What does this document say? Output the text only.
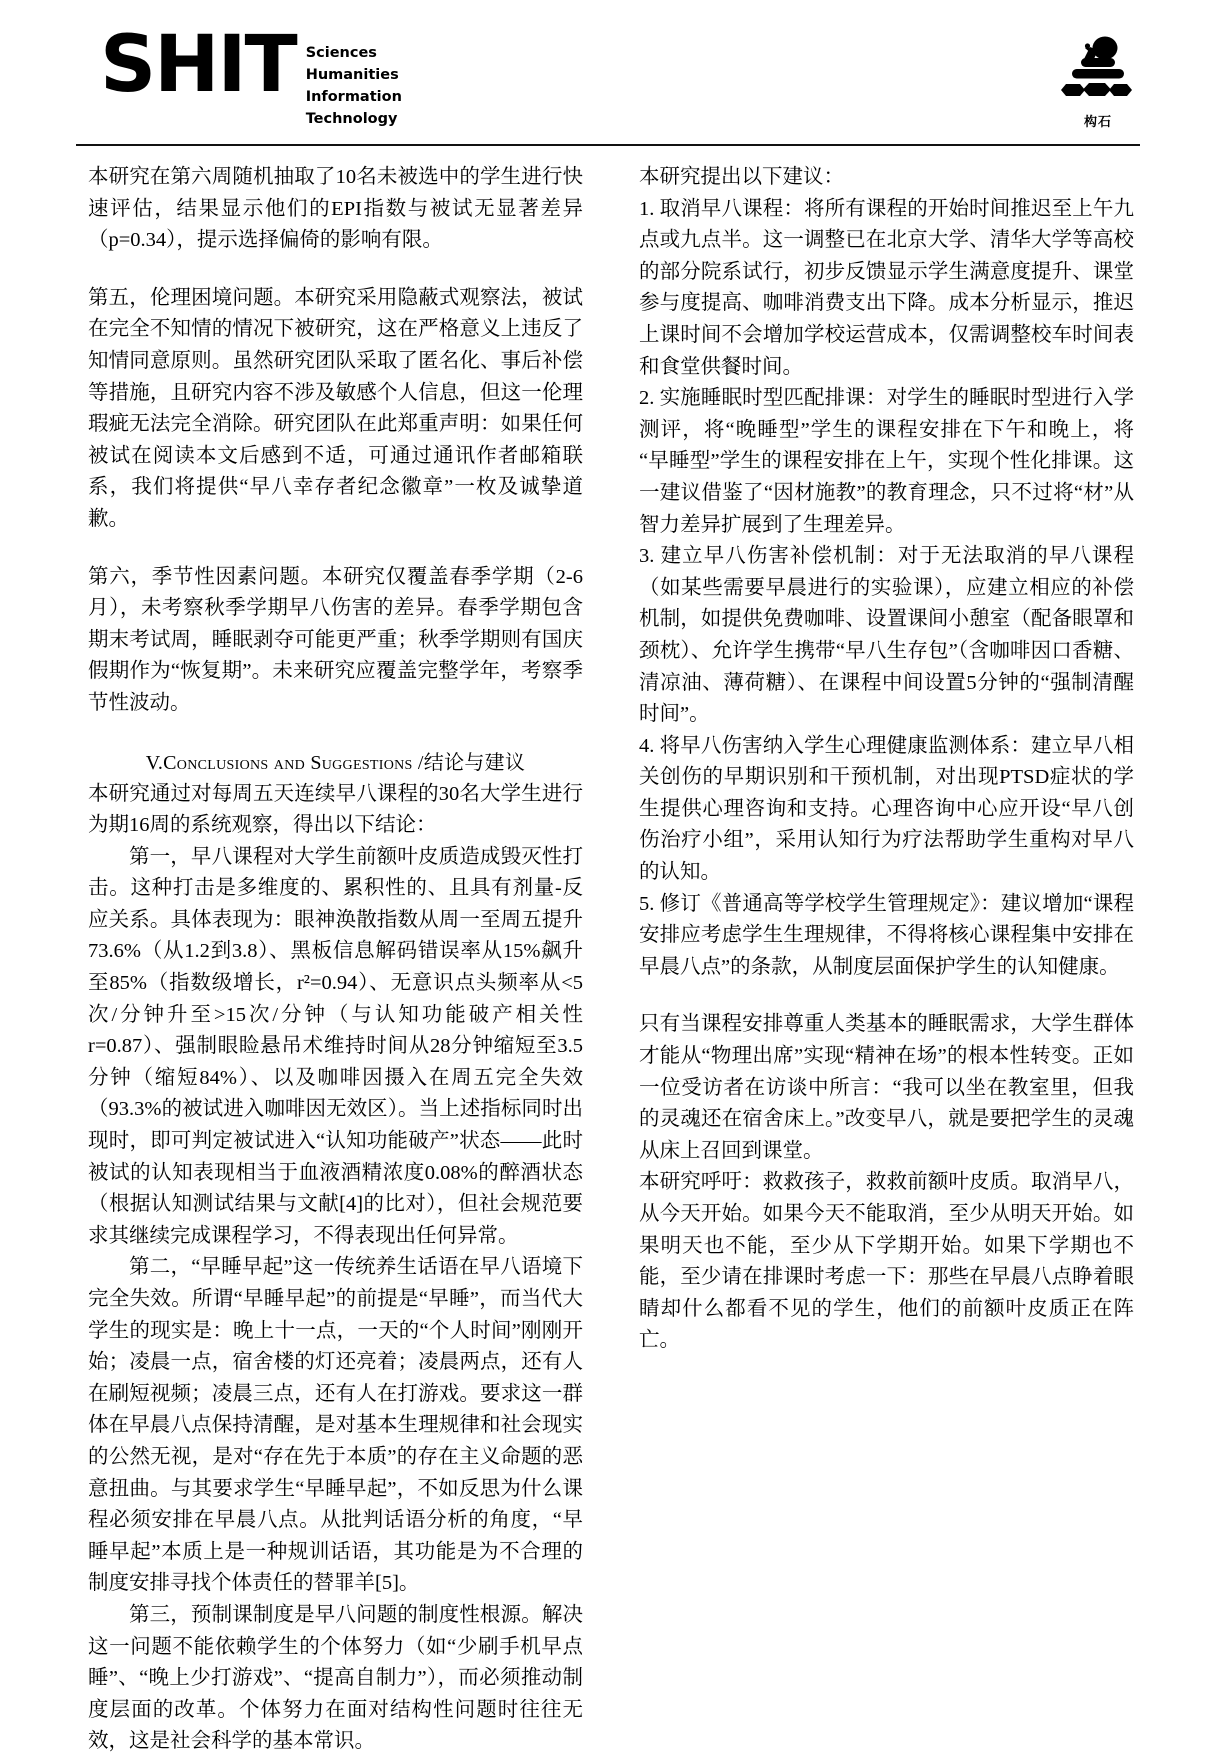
SHIT Sciences
Humanities
Information
Technology	构石

本研究在第六周随机抽取了10名未被选中的学生进行快速评估，结果显示他们的EPI指数与被试无显著差异（p=0.34），提示选择偏倚的影响有限。

第五，伦理困境问题。本研究采用隐蔽式观察法，被试在完全不知情的情况下被研究，这在严格意义上违反了知情同意原则。虽然研究团队采取了匿名化、事后补偿等措施，且研究内容不涉及敏感个人信息，但这一伦理瑕疵无法完全消除。研究团队在此郑重声明：如果任何被试在阅读本文后感到不适，可通过通讯作者邮箱联系，我们将提供“早八幸存者纪念徽章”一枚及诚挚道歉。

第六，季节性因素问题。本研究仅覆盖春季学期（2-6月），未考察秋季学期早八伤害的差异。春季学期包含期末考试周，睡眠剥夺可能更严重；秋季学期则有国庆假期作为“恢复期”。未来研究应覆盖完整学年，考察季节性波动。

V.Conclusions and Suggestions /结论与建议

本研究通过对每周五天连续早八课程的30名大学生进行为期16周的系统观察，得出以下结论：

第一，早八课程对大学生前额叶皮质造成毁灭性打击。这种打击是多维度的、累积性的、且具有剂量-反应关系。具体表现为：眼神涣散指数从周一至周五提升73.6%（从1.2到3.8）、黑板信息解码错误率从15%飙升至85%（指数级增长，r²=0.94）、无意识点头频率从<5次/分钟升至>15次/分钟（与认知功能破产相关性r=0.87）、强制眼睑悬吊术维持时间从28分钟缩短至3.5分钟（缩短84%）、以及咖啡因摄入在周五完全失效（93.3%的被试进入咖啡因无效区）。当上述指标同时出现时，即可判定被试进入“认知功能破产”状态——此时被试的认知表现相当于血液酒精浓度0.08%的醉酒状态（根据认知测试结果与文献[4]的比对），但社会规范要求其继续完成课程学习，不得表现出任何异常。

第二，“早睡早起”这一传统养生话语在早八语境下完全失效。所谓“早睡早起”的前提是“早睡”，而当代大学生的现实是：晚上十一点，一天的“个人时间”刚刚开始；凌晨一点，宿舍楼的灯还亮着；凌晨两点，还有人在刷短视频；凌晨三点，还有人在打游戏。要求这一群体在早晨八点保持清醒，是对基本生理规律和社会现实的公然无视，是对“存在先于本质”的存在主义命题的恶意扭曲。与其要求学生“早睡早起”，不如反思为什么课程必须安排在早晨八点。从批判话语分析的角度，“早睡早起”本质上是一种规训话语，其功能是为不合理的制度安排寻找个体责任的替罪羊[5]。

第三，预制课制度是早八问题的制度性根源。解决这一问题不能依赖学生的个体努力（如“少刷手机早点睡”、“晚上少打游戏”、“提高自制力”），而必须推动制度层面的改革。个体努力在面对结构性问题时往往无效，这是社会科学的基本常识。

本研究提出以下建议：

1. 取消早八课程：将所有课程的开始时间推迟至上午九点或九点半。这一调整已在北京大学、清华大学等高校的部分院系试行，初步反馈显示学生满意度提升、课堂参与度提高、咖啡消费支出下降。成本分析显示，推迟上课时间不会增加学校运营成本，仅需调整校车时间表和食堂供餐时间。
2. 实施睡眠时型匹配排课：对学生的睡眠时型进行入学测评，将“晚睡型”学生的课程安排在下午和晚上，将“早睡型”学生的课程安排在上午，实现个性化排课。这一建议借鉴了“因材施教”的教育理念，只不过将“材”从智力差异扩展到了生理差异。
3. 建立早八伤害补偿机制：对于无法取消的早八课程（如某些需要早晨进行的实验课），应建立相应的补偿机制，如提供免费咖啡、设置课间小憩室（配备眼罩和颈枕）、允许学生携带“早八生存包”（含咖啡因口香糖、清凉油、薄荷糖）、在课程中间设置5分钟的“强制清醒时间”。
4. 将早八伤害纳入学生心理健康监测体系：建立早八相关创伤的早期识别和干预机制，对出现PTSD症状的学生提供心理咨询和支持。心理咨询中心应开设“早八创伤治疗小组”，采用认知行为疗法帮助学生重构对早八的认知。
5. 修订《普通高等学校学生管理规定》：建议增加“课程安排应考虑学生生理规律，不得将核心课程集中安排在早晨八点”的条款，从制度层面保护学生的认知健康。

只有当课程安排尊重人类基本的睡眠需求，大学生群体才能从“物理出席”实现“精神在场”的根本性转变。正如一位受访者在访谈中所言：“我可以坐在教室里，但我的灵魂还在宿舍床上。”改变早八，就是要把学生的灵魂从床上召回到课堂。

本研究呼吁：救救孩子，救救前额叶皮质。取消早八，从今天开始。如果今天不能取消，至少从明天开始。如果明天也不能，至少从下学期开始。如果下学期也不能，至少请在排课时考虑一下：那些在早晨八点睁着眼睛却什么都看不见的学生，他们的前额叶皮质正在阵亡。
